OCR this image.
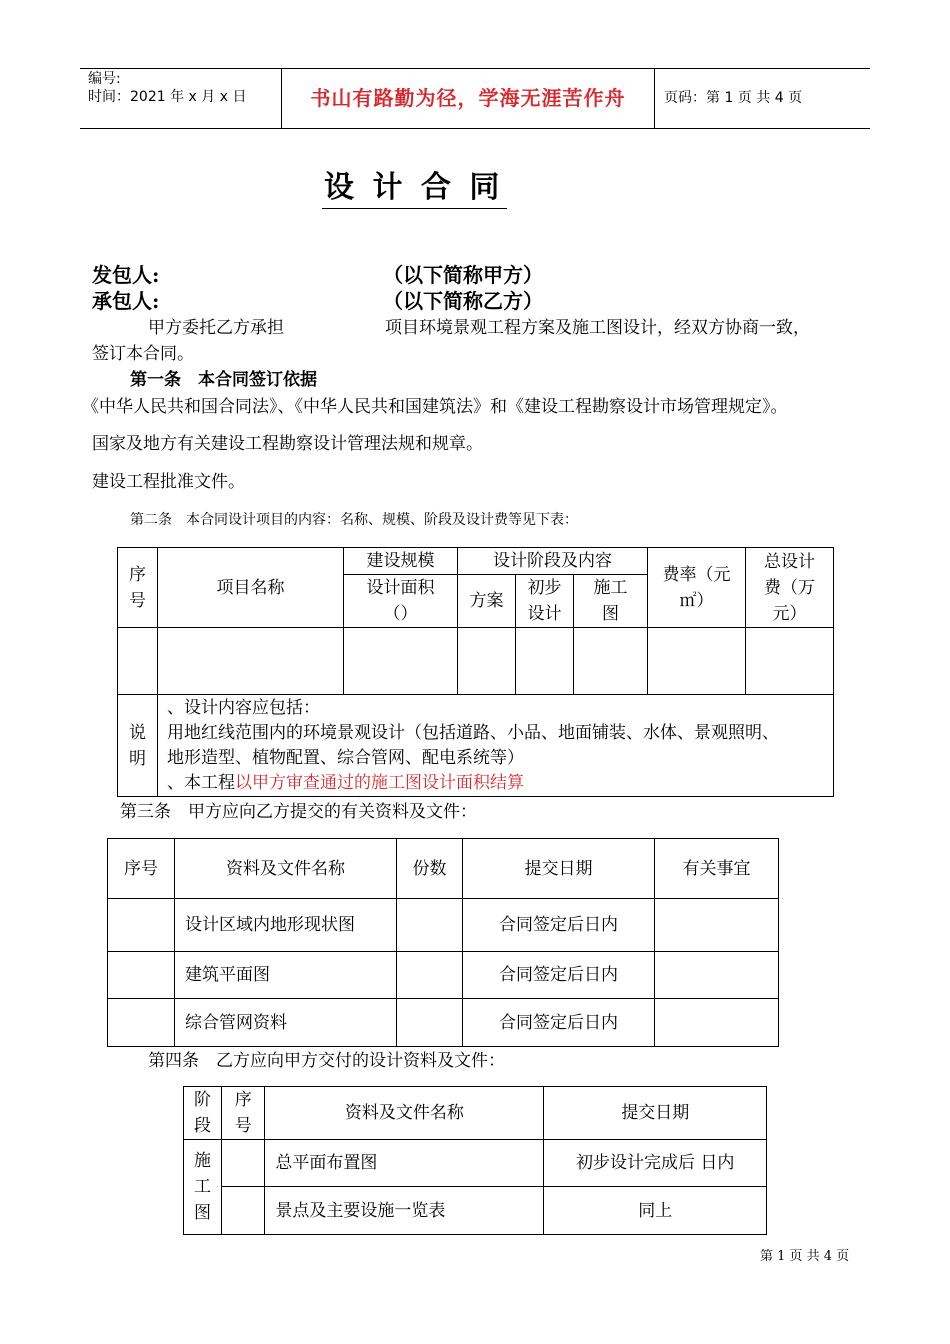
编号:
时间：2021 年 x 月 x 日	书山有路勤为径，学海无涯苦作舟	页码：第 1 页 共 4 页
设 计 合 同
发包人:	（以下简称甲方）
承包人:	（以下简称乙方）
甲方委托乙方承担	项目环境景观工程方案及施工图设计，经双方协商一致，
签订本合同。
第一条　本合同签订依据
《中华人民共和国合同法》、《中华人民共和国建筑法》和《建设工程勘察设计市场管理规定》。
国家及地方有关建设工程勘察设计管理法规和规章。
建设工程批准文件。
第二条　本合同设计项目的内容：名称、规模、阶段及设计费等见下表：
序号	项目名称	建设规模	设计阶段及内容			费率（元㎡）	总设计费（万元）
		设计面积（）	方案	初步设计	施工图		

说明	、设计内容应包括：
用地红线范围内的环境景观设计（包括道路、小品、地面铺装、水体、景观照明、
地形造型、植物配置、综合管网、配电系统等）
、本工程以甲方审查通过的施工图设计面积结算						
第三条　甲方应向乙方提交的有关资料及文件：
序号	资料及文件名称	份数	提交日期	有关事宜
	设计区域内地形现状图		合同签定后日内	
	建筑平面图		合同签定后日内	
	综合管网资料		合同签定后日内	
第四条　乙方应向甲方交付的设计资料及文件：
阶段	序号	资料及文件名称	提交日期
施工图		总平面布置图	初步设计完成后 日内
		景点及主要设施一览表	同上
第 1 页 共 4 页
